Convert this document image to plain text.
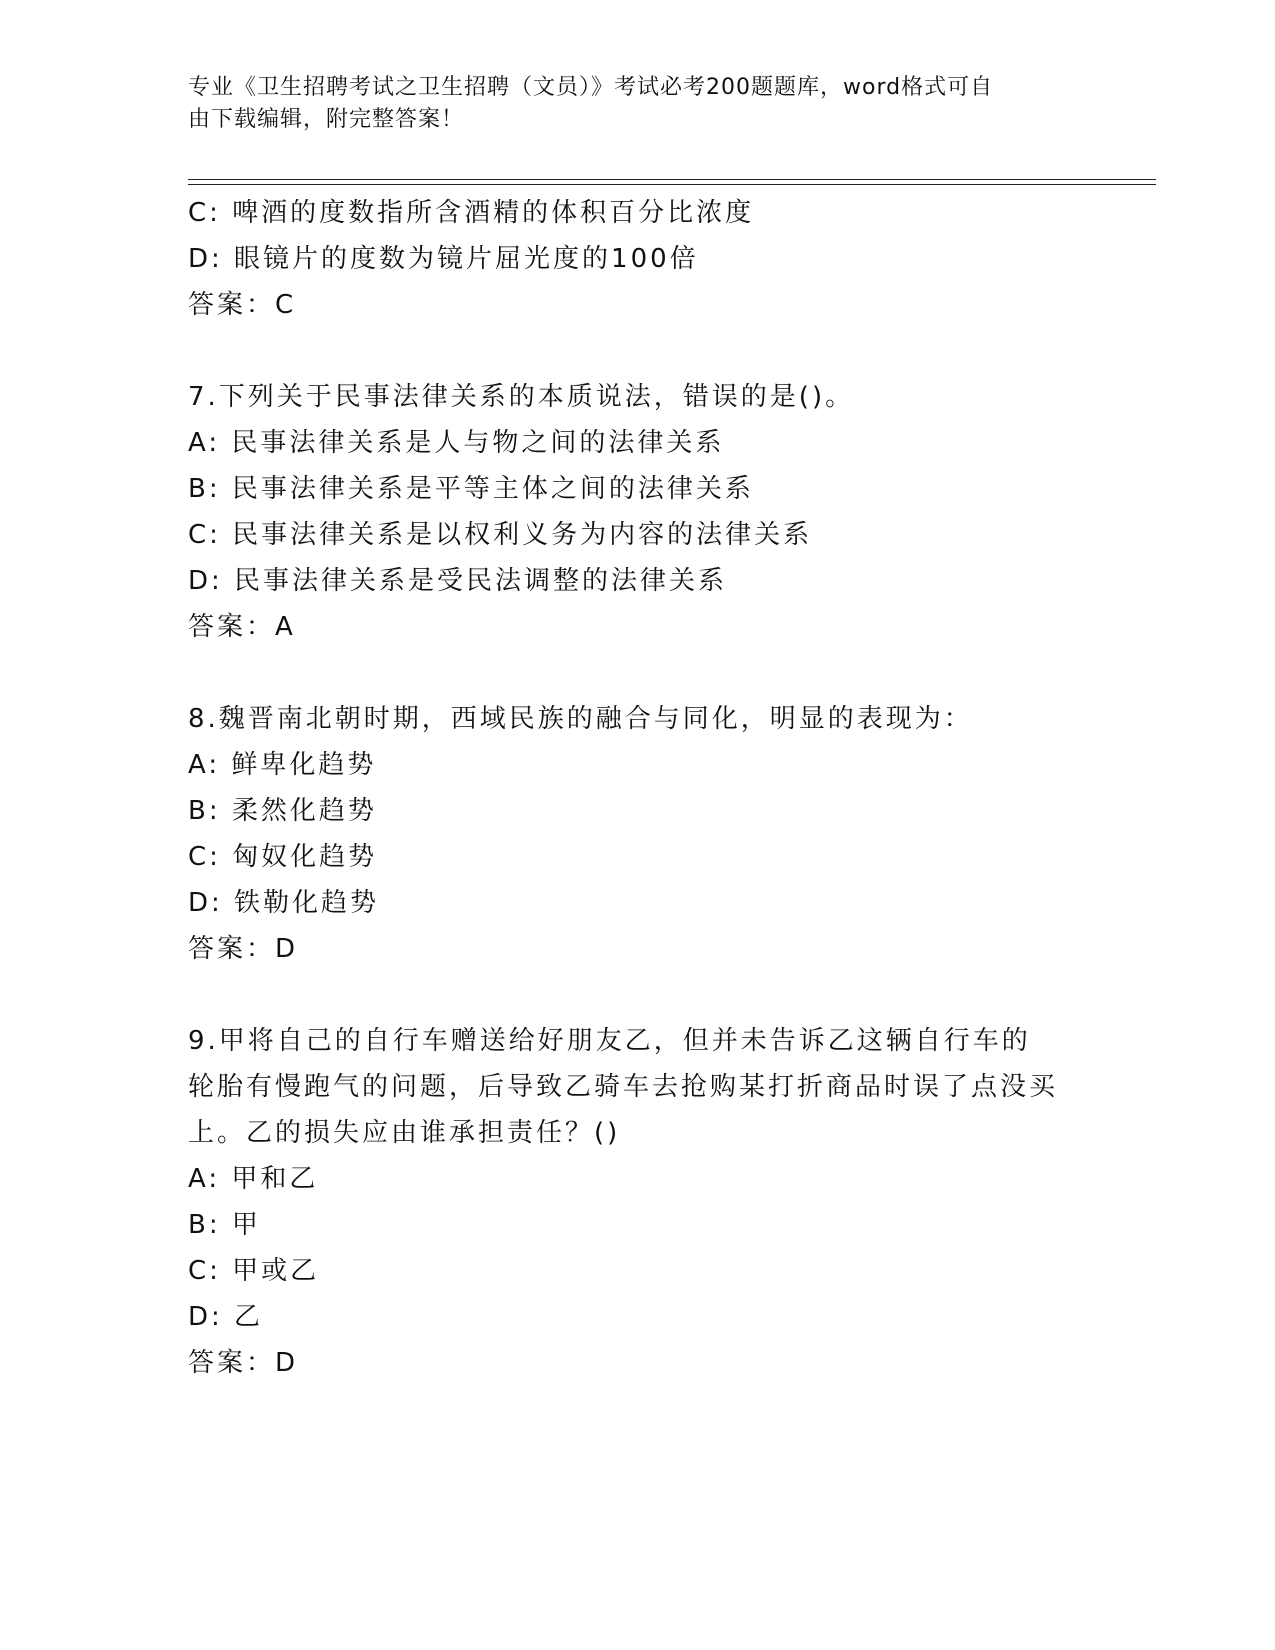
专业《卫生招聘考试之卫生招聘（文员）》考试必考200题题库，word格式可自
由下载编辑，附完整答案！
C: 啤酒的度数指所含酒精的体积百分比浓度
D: 眼镜片的度数为镜片屈光度的100倍
答案：C
7.下列关于民事法律关系的本质说法，错误的是()。
A: 民事法律关系是人与物之间的法律关系
B: 民事法律关系是平等主体之间的法律关系
C: 民事法律关系是以权利义务为内容的法律关系
D: 民事法律关系是受民法调整的法律关系
答案：A
8.魏晋南北朝时期，西域民族的融合与同化，明显的表现为：
A: 鲜卑化趋势
B: 柔然化趋势
C: 匈奴化趋势
D: 铁勒化趋势
答案：D
9.甲将自己的自行车赠送给好朋友乙，但并未告诉乙这辆自行车的轮胎有慢跑气的问题，后导致乙骑车去抢购某打折商品时误了点没买上。乙的损失应由谁承担责任？()
A: 甲和乙
B: 甲
C: 甲或乙
D: 乙
答案：D
